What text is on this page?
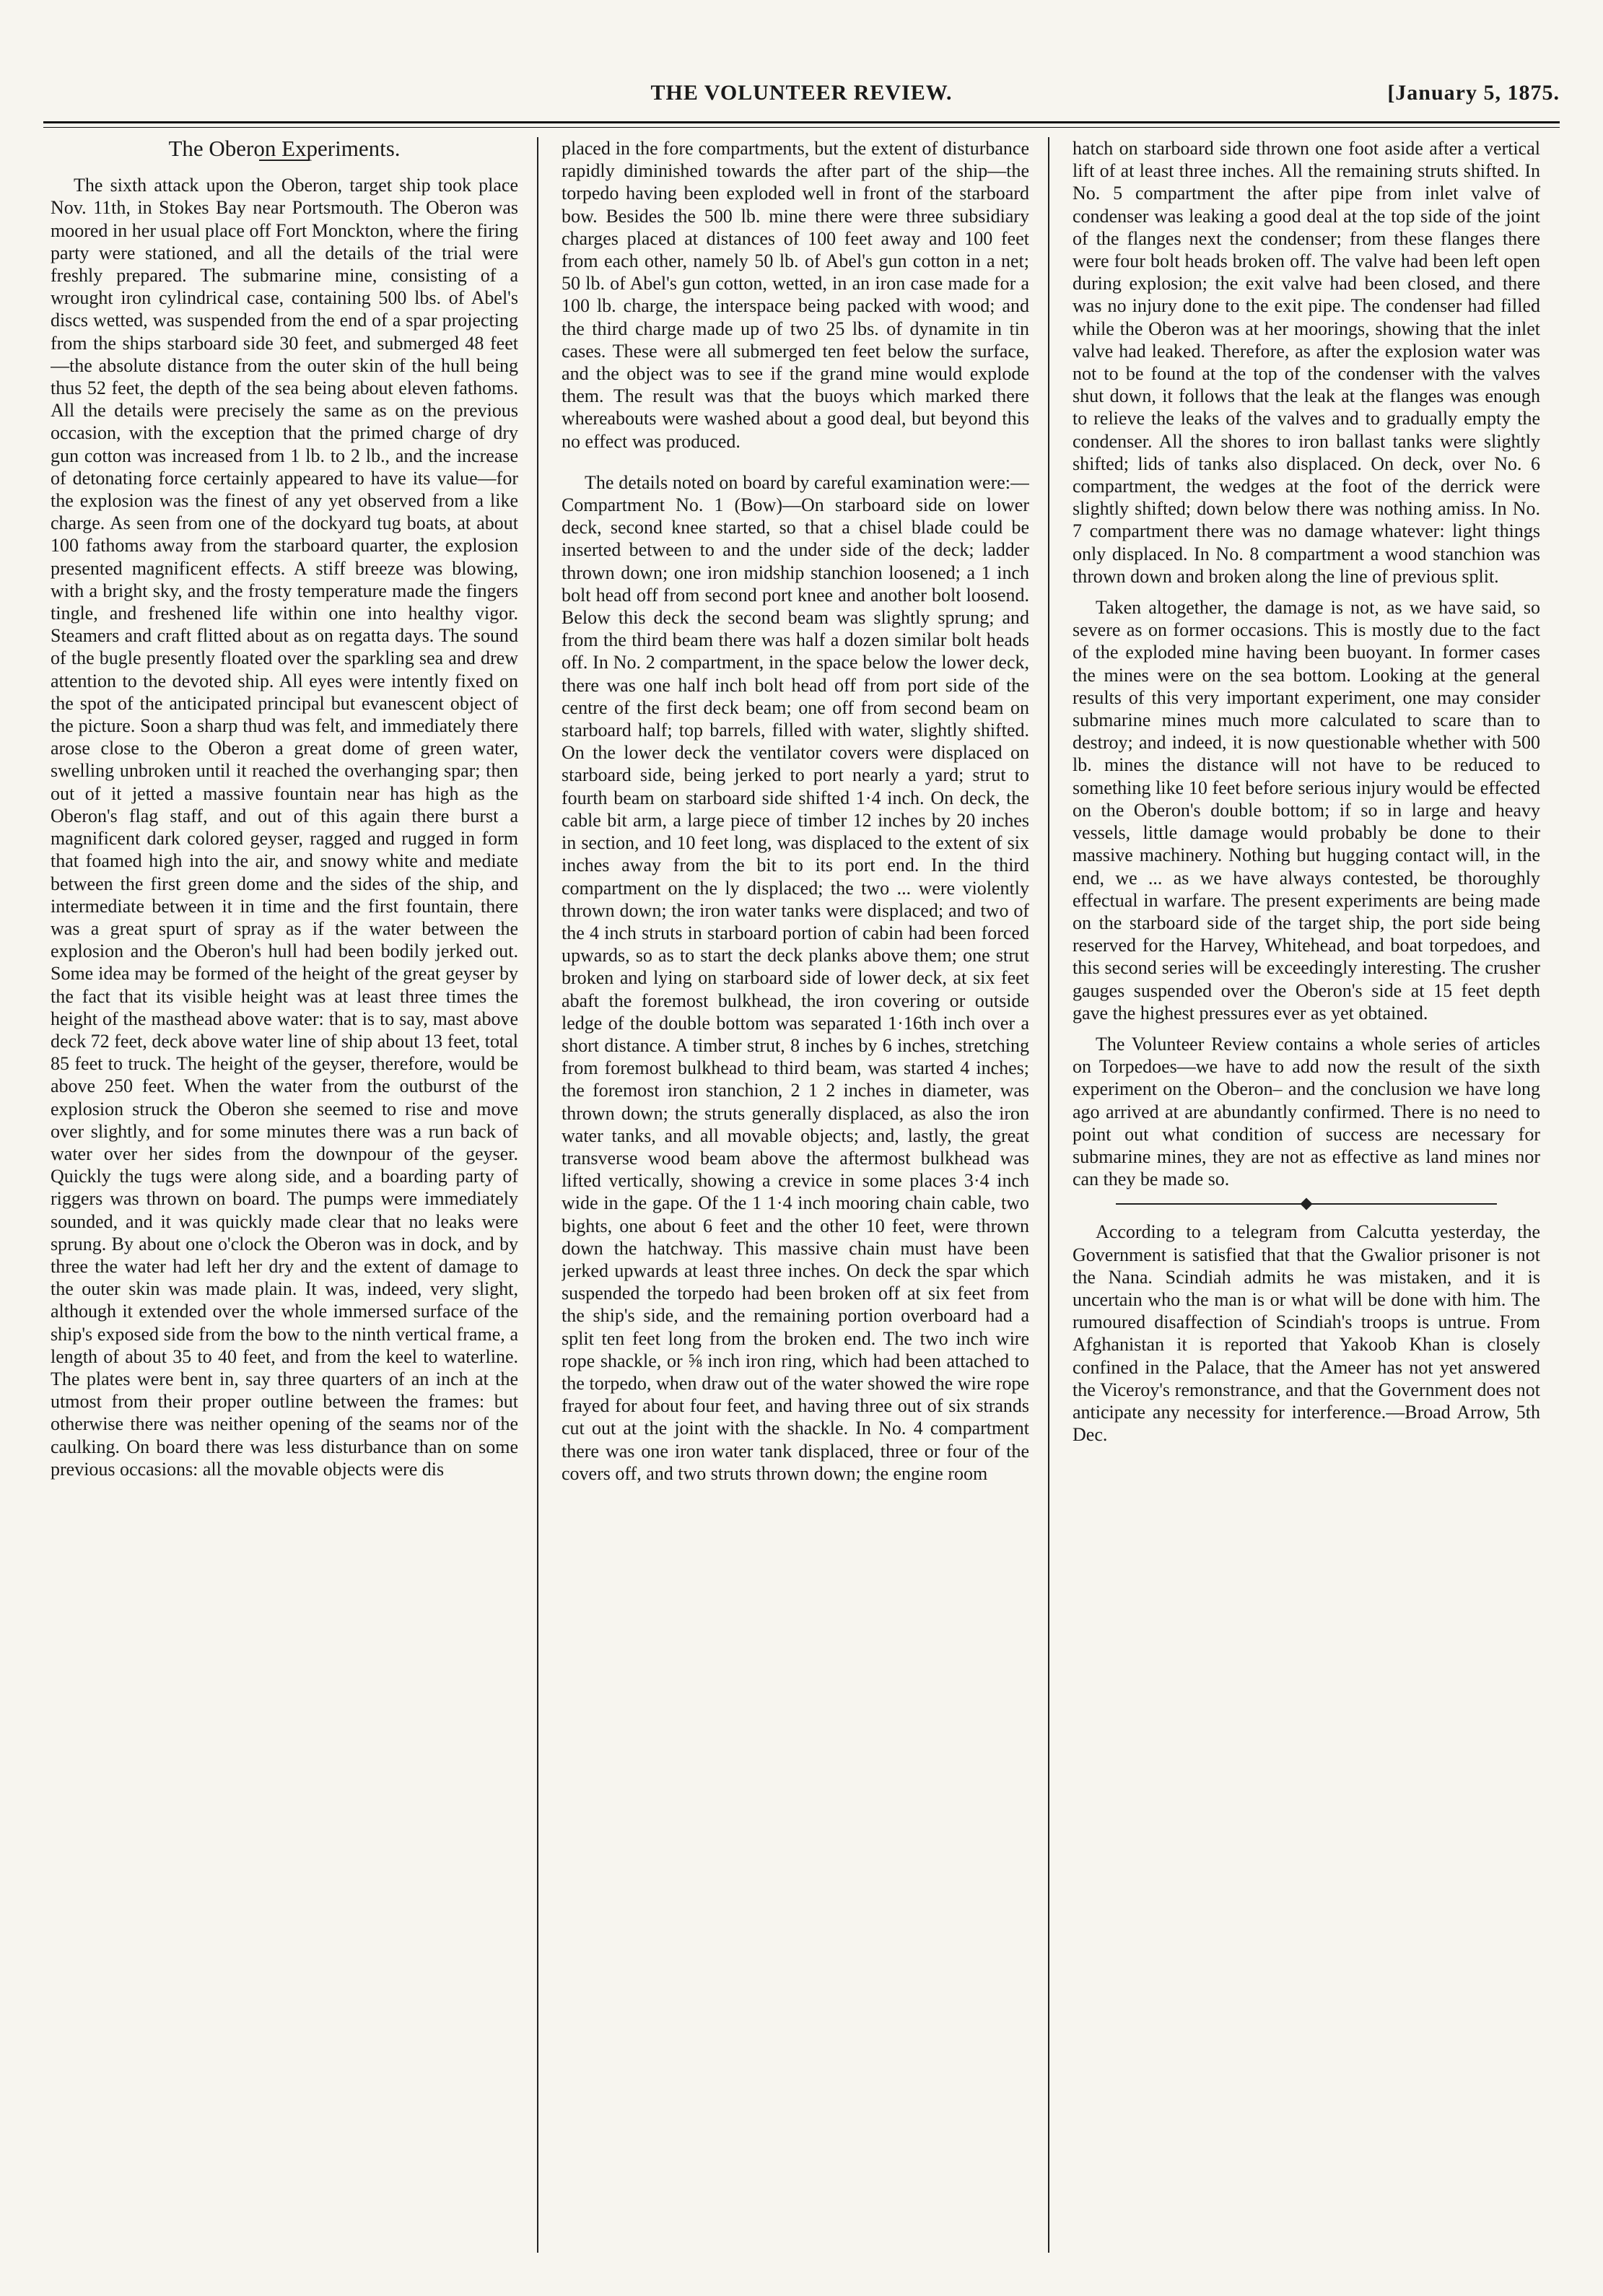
THE VOLUNTEER REVIEW.	[January 5, 1875.

The Oberon Experiments.

The sixth attack upon the Oberon, target ship took place Nov. 11th, in Stokes Bay near Portsmouth. The Oberon was moored in her usual place off Fort Monckton, where the firing party were stationed, and all the details of the trial were freshly prepared. The submarine mine, consisting of a wrought iron cylindrical case, containing 500 lbs. of Abel's discs wetted, was suspended from the end of a spar projecting from the ships starboard side 30 feet, and submerged 48 feet—the absolute distance from the outer skin of the hull being thus 52 feet, the depth of the sea being about eleven fathoms. All the details were precisely the same as on the previous occasion, with the exception that the primed charge of dry gun cotton was increased from 1 lb. to 2 lb., and the increase of detonating force certainly appeared to have its value—for the explosion was the finest of any yet observed from a like charge. As seen from one of the dockyard tug boats, at about 100 fathoms away from the starboard quarter, the explosion presented magnificent effects. A stiff breeze was blowing, with a bright sky, and the frosty temperature made the fingers tingle, and freshened life within one into healthy vigor. Steamers and craft flitted about as on regatta days. The sound of the bugle presently floated over the sparkling sea and drew attention to the devoted ship. All eyes were intently fixed on the spot of the anticipated principal but evanescent object of the picture. Soon a sharp thud was felt, and immediately there arose close to the Oberon a great dome of green water, swelling unbroken until it reached the overhanging spar; then out of it jetted a massive fountain near has high as the Oberon's flag staff, and out of this again there burst a magnificent dark colored geyser, ragged and rugged in form that foamed high into the air, and snowy white and mediate between the first green dome and the sides of the ship, and intermediate between it in time and the first fountain, there was a great spurt of spray as if the water between the explosion and the Oberon's hull had been bodily jerked out. Some idea may be formed of the height of the great geyser by the fact that its visible height was at least three times the height of the masthead above water: that is to say, mast above deck 72 feet, deck above water line of ship about 13 feet, total 85 feet to truck. The height of the geyser, therefore, would be above 250 feet. When the water from the outburst of the explosion struck the Oberon she seemed to rise and move over slightly, and for some minutes there was a run back of water over her sides from the downpour of the geyser. Quickly the tugs were along side, and a boarding party of riggers was thrown on board. The pumps were immediately sounded, and it was quickly made clear that no leaks were sprung. By about one o'clock the Oberon was in dock, and by three the water had left her dry and the extent of damage to the outer skin was made plain. It was, indeed, very slight, although it extended over the whole immersed surface of the ship's exposed side from the bow to the ninth vertical frame, a length of about 35 to 40 feet, and from the keel to waterline. The plates were bent in, say three quarters of an inch at the utmost from their proper outline between the frames: but otherwise there was neither opening of the seams nor of the caulking. On board there was less disturbance than on some previous occasions: all the movable objects were dis

placed in the fore compartments, but the extent of disturbance rapidly diminished towards the after part of the ship—the torpedo having been exploded well in front of the starboard bow. Besides the 500 lb. mine there were three subsidiary charges placed at distances of 100 feet away and 100 feet from each other, namely 50 lb. of Abel's gun cotton in a net; 50 lb. of Abel's gun cotton, wetted, in an iron case made for a 100 lb. charge, the interspace being packed with wood; and the third charge made up of two 25 lbs. of dynamite in tin cases. These were all submerged ten feet below the surface, and the object was to see if the grand mine would explode them. The result was that the buoys which marked there whereabouts were washed about a good deal, but beyond this no effect was produced.

The details noted on board by careful examination were:—Compartment No. 1 (Bow)—On starboard side on lower deck, second knee started, so that a chisel blade could be inserted between to and the under side of the deck; ladder thrown down; one iron midship stanchion loosened; a 1 inch bolt head off from second port knee and another bolt loosend. Below this deck the second beam was slightly sprung; and from the third beam there was half a dozen similar bolt heads off. In No. 2 compartment, in the space below the lower deck, there was one half inch bolt head off from port side of the centre of the first deck beam; one off from second beam on starboard half; top barrels, filled with water, slightly shifted. On the lower deck the ventilator covers were displaced on starboard side, being jerked to port nearly a yard; strut to fourth beam on starboard side shifted 1·4 inch. On deck, the cable bit arm, a large piece of timber 12 inches by 20 inches in section, and 10 feet long, was displaced to the extent of six inches away from the bit to its port end. In the third compartment on the ly displaced; the two ... were violently thrown down; the iron water tanks were displaced; and two of the 4 inch struts in starboard portion of cabin had been forced upwards, so as to start the deck planks above them; one strut broken and lying on starboard side of lower deck, at six feet abaft the foremost bulkhead, the iron covering or outside ledge of the double bottom was separated 1·16th inch over a short distance. A timber strut, 8 inches by 6 inches, stretching from foremost bulkhead to third beam, was started 4 inches; the foremost iron stanchion, 2 1 2 inches in diameter, was thrown down; the struts generally displaced, as also the iron water tanks, and all movable objects; and, lastly, the great transverse wood beam above the aftermost bulkhead was lifted vertically, showing a crevice in some places 3·4 inch wide in the gape. Of the 1 1·4 inch mooring chain cable, two bights, one about 6 feet and the other 10 feet, were thrown down the hatchway. This massive chain must have been jerked upwards at least three inches. On deck the spar which suspended the torpedo had been broken off at six feet from the ship's side, and the remaining portion overboard had a split ten feet long from the broken end. The two inch wire rope shackle, or ⅝ inch iron ring, which had been attached to the torpedo, when draw out of the water showed the wire rope frayed for about four feet, and having three out of six strands cut out at the joint with the shackle. In No. 4 compartment there was one iron water tank displaced, three or four of the covers off, and two struts thrown down; the engine room

hatch on starboard side thrown one foot aside after a vertical lift of at least three inches. All the remaining struts shifted. In No. 5 compartment the after pipe from inlet valve of condenser was leaking a good deal at the top side of the joint of the flanges next the condenser; from these flanges there were four bolt heads broken off. The valve had been left open during explosion; the exit valve had been closed, and there was no injury done to the exit pipe. The condenser had filled while the Oberon was at her moorings, showing that the inlet valve had leaked. Therefore, as after the explosion water was not to be found at the top of the condenser with the valves shut down, it follows that the leak at the flanges was enough to relieve the leaks of the valves and to gradually empty the condenser. All the shores to iron ballast tanks were slightly shifted; lids of tanks also displaced. On deck, over No. 6 compartment, the wedges at the foot of the derrick were slightly shifted; down below there was nothing amiss. In No. 7 compartment there was no damage whatever: light things only displaced. In No. 8 compartment a wood stanchion was thrown down and broken along the line of previous split.

Taken altogether, the damage is not, as we have said, so severe as on former occasions. This is mostly due to the fact of the exploded mine having been buoyant. In former cases the mines were on the sea bottom. Looking at the general results of this very important experiment, one may consider submarine mines much more calculated to scare than to destroy; and indeed, it is now questionable whether with 500 lb. mines the distance will not have to be reduced to something like 10 feet before serious injury would be effected on the Oberon's double bottom; if so in large and heavy vessels, little damage would probably be done to their massive machinery. Nothing but hugging contact will, in the end, we ... as we have always contested, be thoroughly effectual in warfare. The present experiments are being made on the starboard side of the target ship, the port side being reserved for the Harvey, Whitehead, and boat torpedoes, and this second series will be exceedingly interesting. The crusher gauges suspended over the Oberon's side at 15 feet depth gave the highest pressures ever as yet obtained.

The Volunteer Review contains a whole series of articles on Torpedoes—we have to add now the result of the sixth experiment on the Oberon– and the conclusion we have long ago arrived at are abundantly confirmed. There is no need to point out what condition of success are necessary for submarine mines, they are not as effective as land mines nor can they be made so.

According to a telegram from Calcutta yesterday, the Government is satisfied that that the Gwalior prisoner is not the Nana. Scindiah admits he was mistaken, and it is uncertain who the man is or what will be done with him. The rumoured disaffection of Scindiah's troops is untrue. From Afghanistan it is reported that Yakoob Khan is closely confined in the Palace, that the Ameer has not yet answered the Viceroy's remonstrance, and that the Government does not anticipate any necessity for interference.—Broad Arrow, 5th Dec.
